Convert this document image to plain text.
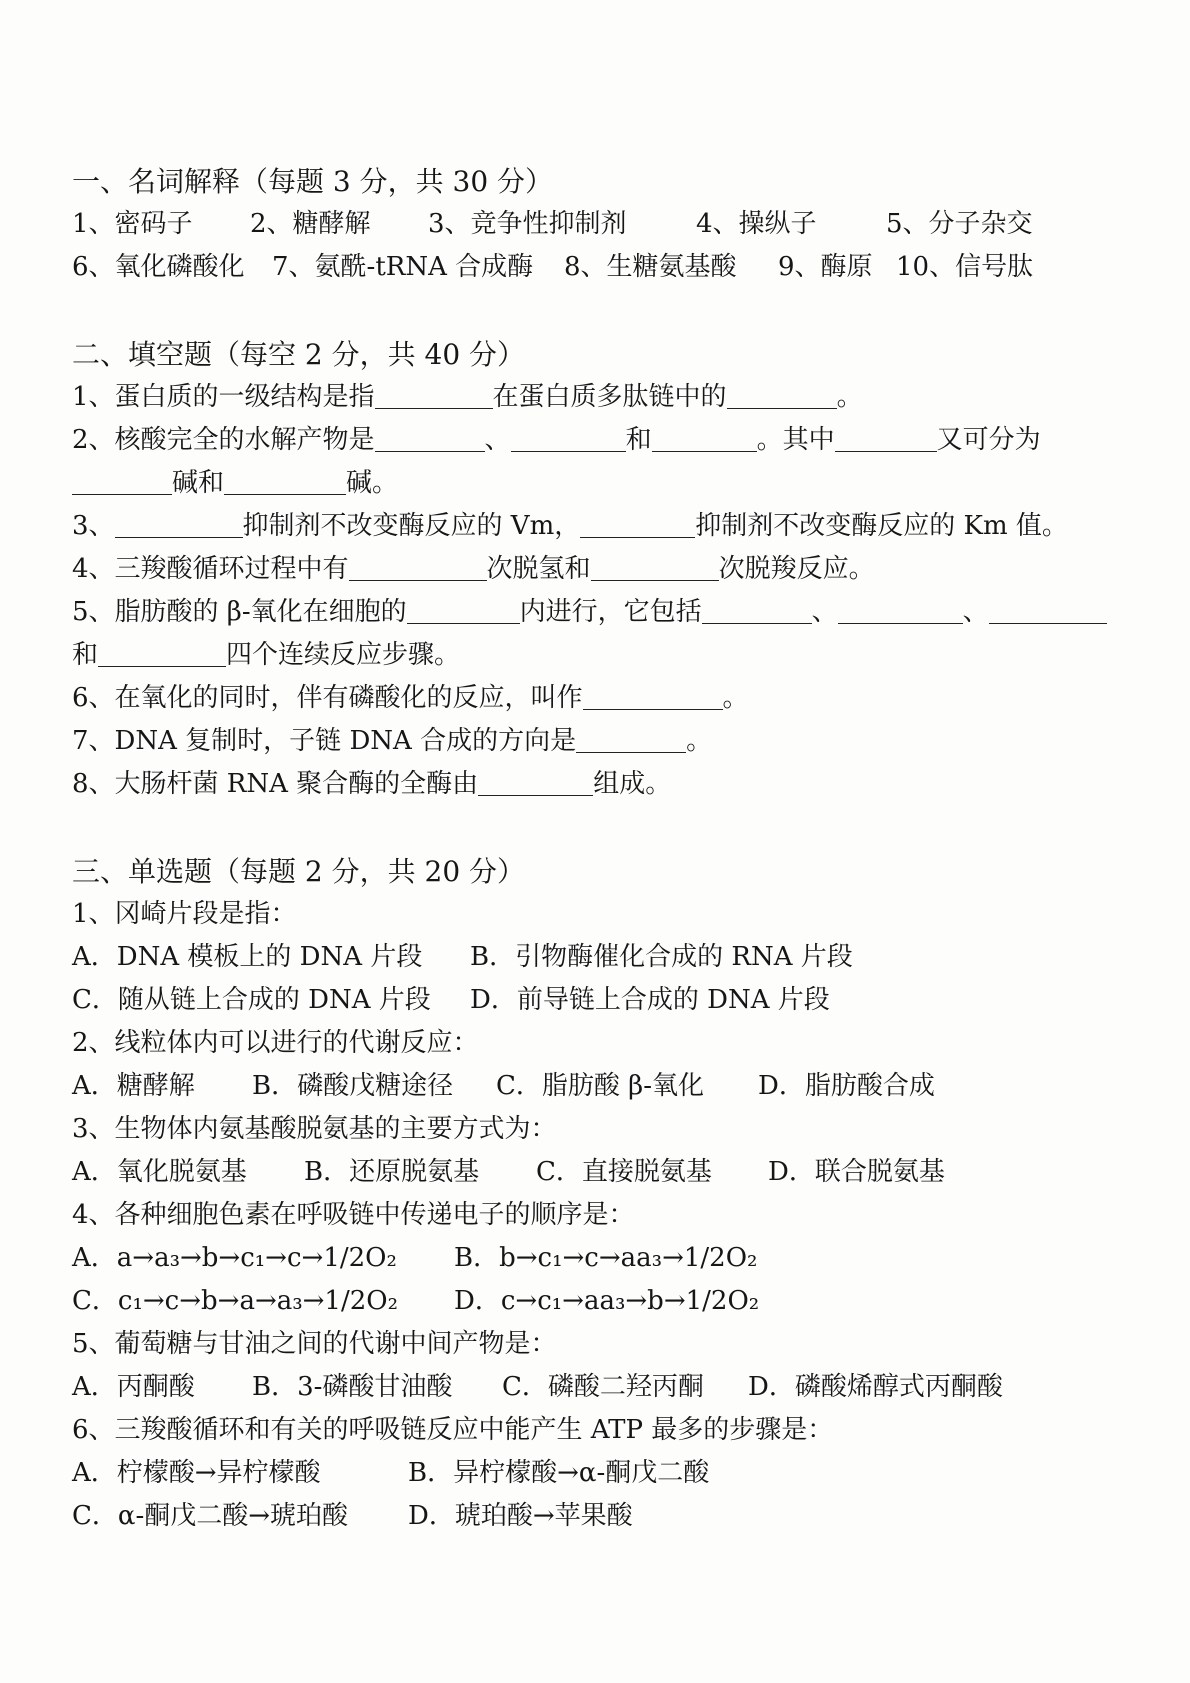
一、名词解释（每题 3 分，共 30 分）
1、密码子 2、糖酵解 3、竞争性抑制剂	4、操纵子	5、分子杂交
6、氧化磷酸化 7、氨酰-tRNA 合成酶 8、生糖氨基酸 9、酶原 10、信号肽
二、填空题（每空 2 分，共 40 分）
1、蛋白质的一级结构是指	在蛋白质多肽链中的	。
2、核酸完全的水解产物是	、	和	。其中	又可分为
碱和	碱。
3、	抑制剂不改变酶反应的 Vm，	抑制剂不改变酶反应的 Km 值。
4、三羧酸循环过程中有	次脱氢和	次脱羧反应。
5、脂肪酸的 β-氧化在细胞的	内进行，它包括	、	、
和	四个连续反应步骤。
6、在氧化的同时，伴有磷酸化的反应，叫作	。
7、DNA 复制时，子链 DNA 合成的方向是	。
8、大肠杆菌 RNA 聚合酶的全酶由	组成。
三、单选题（每题 2 分，共 20 分）
1、冈崎片段是指：
A．DNA 模板上的 DNA 片段 B．引物酶催化合成的 RNA 片段
C．随从链上合成的 DNA 片段 D．前导链上合成的 DNA 片段
2、线粒体内可以进行的代谢反应：
A．糖酵解 B．磷酸戊糖途径 C．脂肪酸 β-氧化 D．脂肪酸合成
3、生物体内氨基酸脱氨基的主要方式为：
A．氧化脱氨基 B．还原脱氨基 C．直接脱氨基 D．联合脱氨基
4、各种细胞色素在呼吸链中传递电子的顺序是：
A．a→a₃→b→c₁→c→1/2O₂ B．b→c₁→c→aa₃→1/2O₂
C．c₁→c→b→a→a₃→1/2O₂ D．c→c₁→aa₃→b→1/2O₂
5、葡萄糖与甘油之间的代谢中间产物是：
A．丙酮酸 B．3-磷酸甘油酸 C．磷酸二羟丙酮 D．磷酸烯醇式丙酮酸
6、三羧酸循环和有关的呼吸链反应中能产生 ATP 最多的步骤是：
A．柠檬酸→异柠檬酸	B．异柠檬酸→α-酮戊二酸
C．α-酮戊二酸→琥珀酸 D．琥珀酸→苹果酸
